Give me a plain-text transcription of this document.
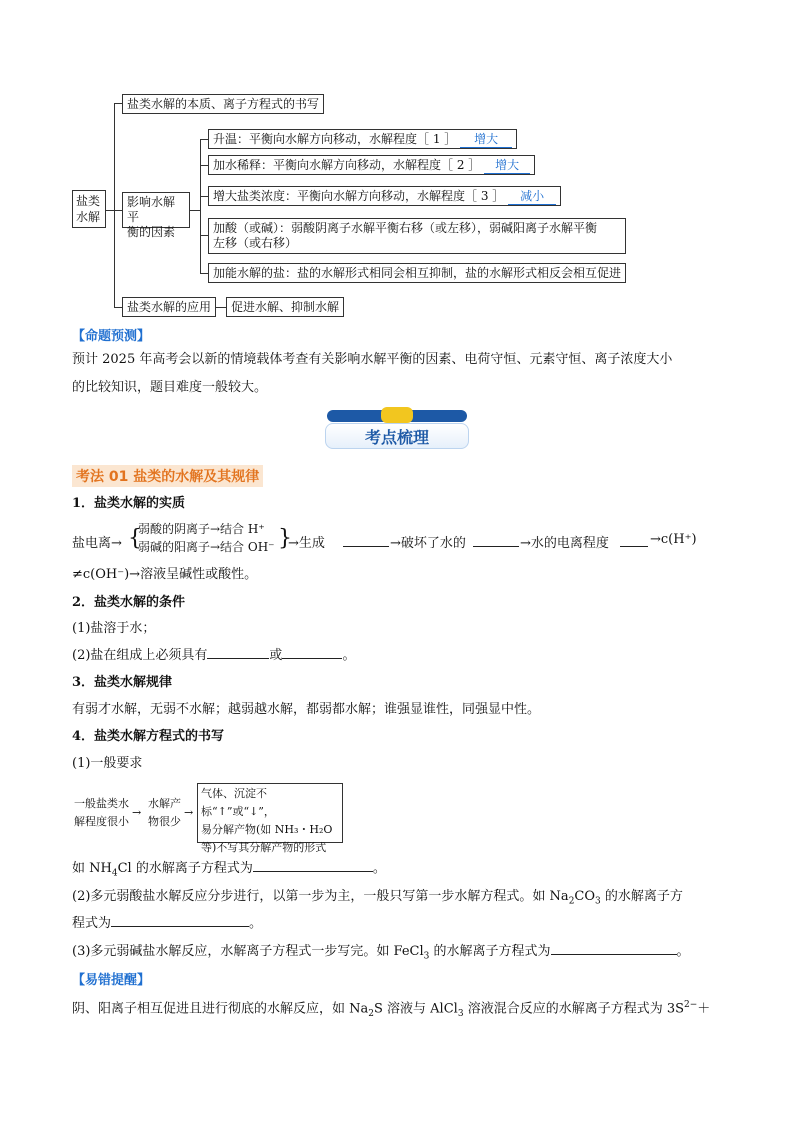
盐类
水解
盐类水解的本质、离子方程式的书写
影响水解平
衡的因素
升温：平衡向水解方向移动，水解程度［ 1 ］ 增大
加水稀释：平衡向水解方向移动，水解程度［ 2 ］ 增大
增大盐类浓度：平衡向水解方向移动，水解程度［ 3 ］ 减小
加酸（或碱）：弱酸阴离子水解平衡右移（或左移），弱碱阳离子水解平衡
左移（或右移）
加能水解的盐：盐的水解形式相同会相互抑制，盐的水解形式相反会相互促进
盐类水解的应用	促进水解、抑制水解
【命题预测】
预计 2025 年高考会以新的情境载体考查有关影响水解平衡的因素、电荷守恒、元素守恒、离子浓度大小
的比较知识，题目难度一般较大。
考点梳理
考法 01 盐类的水解及其规律
1．盐类水解的实质
盐电离→ {
弱酸的阴离子→结合 H⁺
弱碱的阳离子→结合 OH⁻ }
→生成	→破坏了水的	→水的电离程度	→c(H⁺)
≠c(OH⁻)→溶液呈碱性或酸性。
2．盐类水解的条件
(1)盐溶于水；
(2)盐在组成上必须具有	或	。
3．盐类水解规律
有弱才水解，无弱不水解；越弱越水解，都弱都水解；谁强显谁性，同强显中性。
4．盐类水解方程式的书写
(1)一般要求
一般盐类水
解程度很小
→
水解产
物很少
→
气体、沉淀不标“↑”或“↓”，
易分解产物(如 NH₃・H₂O
等)不写其分解产物的形式
如 $NH_4Cl$ 的水解离子方程式为	。
(2)多元弱酸盐水解反应分步进行，以第一步为主，一般只写第一步水解方程式。如 $Na_2CO_3$ 的水解离子方
程式为	。
(3)多元弱碱盐水解反应，水解离子方程式一步写完。如 FeCl$_3$ 的水解离子方程式为	。
【易错提醒】
阴、阳离子相互促进且进行彻底的水解反应，如 $Na_2S$ 溶液与 AlCl$_3$ 溶液混合反应的水解离子方程式为 $3S^{2-}+$
